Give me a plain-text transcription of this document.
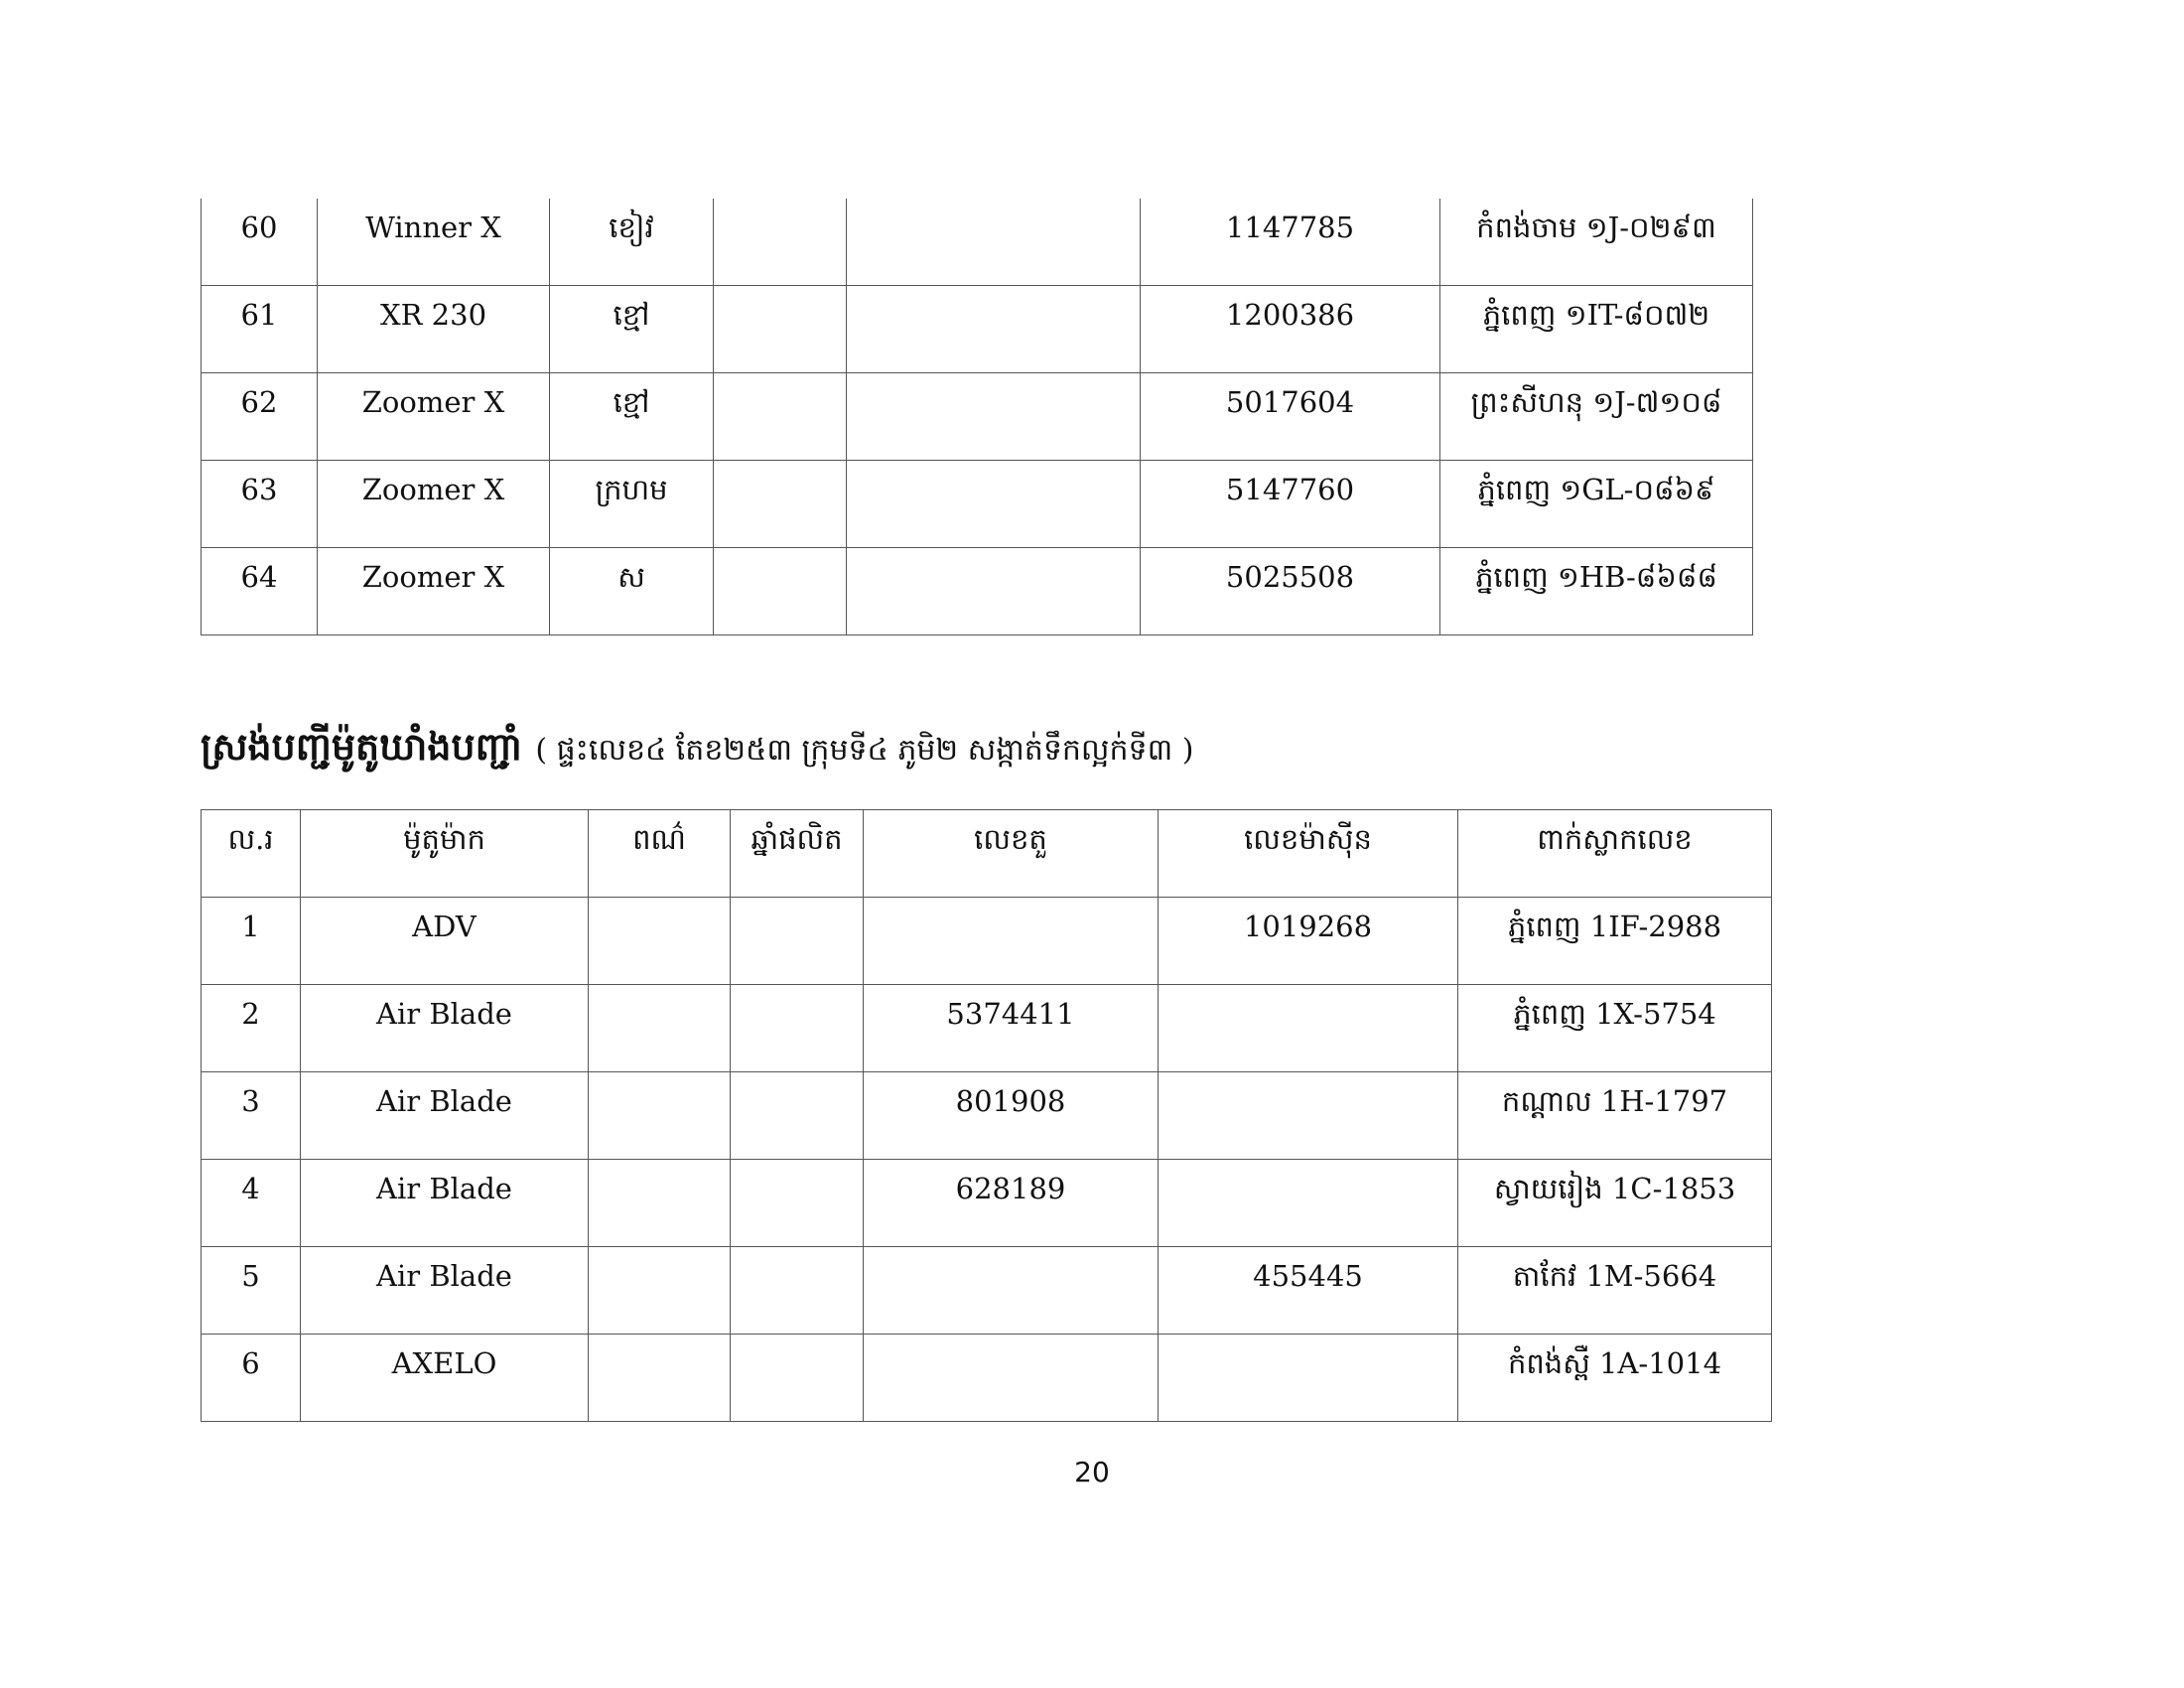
60	Winner X	ខៀវ			1147785	កំពង់ចាម ១J-០២៩៣
61	XR 230	ខ្មៅ			1200386	ភ្នំពេញ ១IT-៨០៧២
62	Zoomer X	ខ្មៅ			5017604	ព្រះសីហនុ ១J-៧១០៨
63	Zoomer X	ក្រហម			5147760	ភ្នំពេញ ១GL-០៨៦៩
64	Zoomer X	ស			5025508	ភ្នំពេញ ១HB-៨៦៨៨
ស្រង់បញ្ជីម៉ូតូឃាំងបញ្ជាំ ( ផ្ទះលេខ៤ តែខ២៥៣ ក្រុមទី៤ ភូមិ២ សង្កាត់ទឹកល្អក់ទី៣ )
ល.រ	ម៉ូតូម៉ាក	ពណ៌	ឆ្នាំផលិត	លេខតួ	លេខម៉ាស៊ីន	ពាក់ស្លាកលេខ
1	ADV				1019268	ភ្នំពេញ 1IF-2988
2	Air Blade			5374411		ភ្នំពេញ 1X-5754
3	Air Blade			801908		កណ្ដាល 1H-1797
4	Air Blade			628189		ស្វាយរៀង 1C-1853
5	Air Blade				455445	តាកែវ 1M-5664
6	AXELO					កំពង់ស្ពឺ 1A-1014
20
